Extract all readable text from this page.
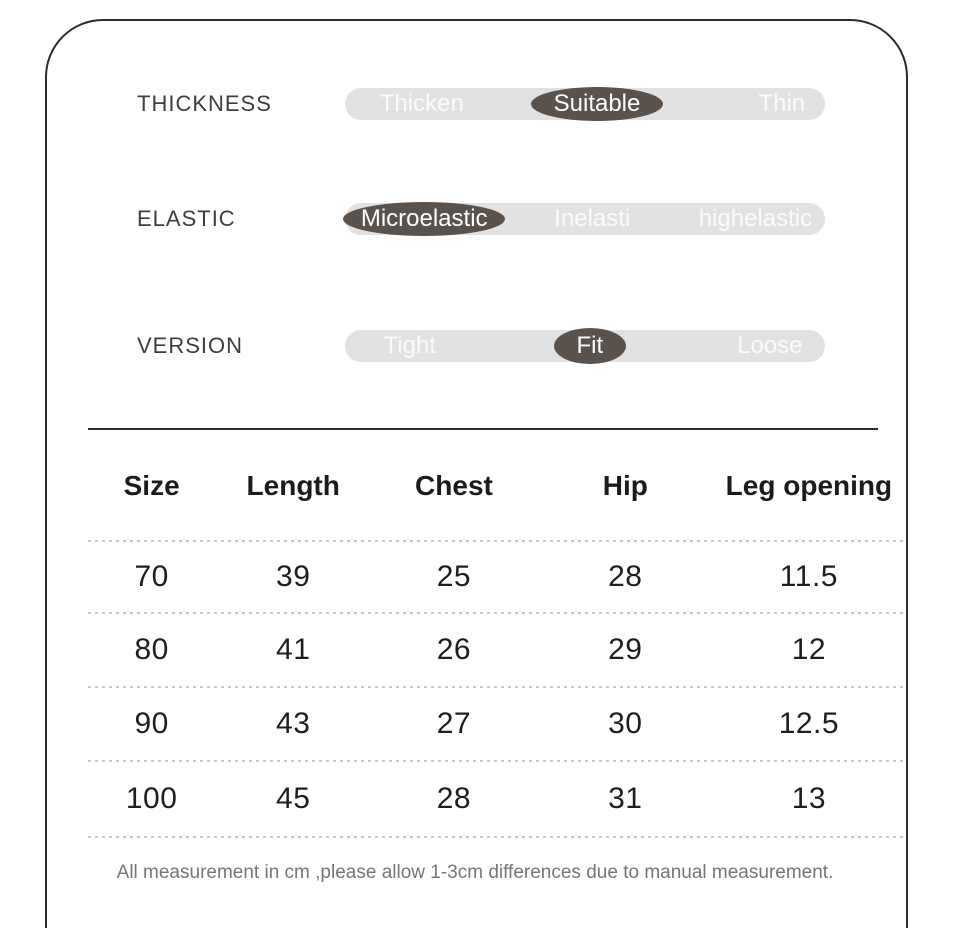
THICKNESS	Thicken	Suitable	Thin
ELASTIC	Microelastic	Inelasti	highelastic
VERSION	Tight	Fit	Loose
Size	Length	Chest	Hip	Leg opening
70	39	25	28	11.5
80	41	26	29	12
90	43	27	30	12.5
100	45	28	31	13
All measurement in cm ,please allow 1-3cm differences due to manual measurement.
